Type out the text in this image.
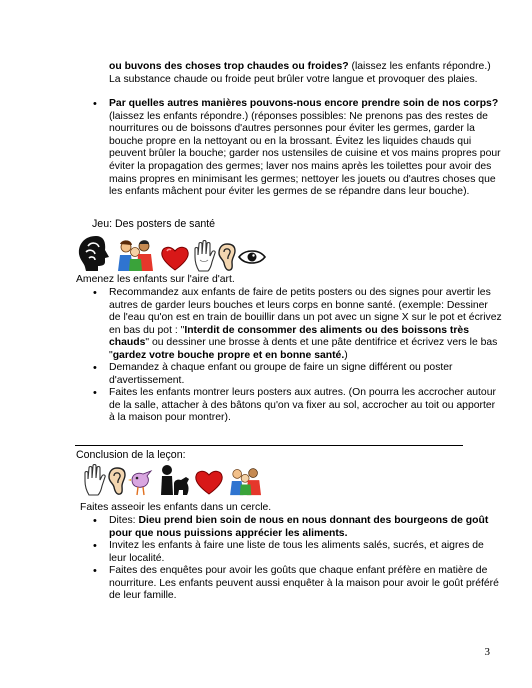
ou buvons des choses trop chaudes ou froides? (laissez les enfants répondre.) La substance chaude ou froide peut brûler votre langue et provoquer des plaies.
• Par quelles autres manières pouvons-nous encore prendre soin de nos corps? (laissez les enfants répondre.) (réponses possibles: Ne prenons pas des restes de nourritures ou de boissons d'autres personnes pour éviter les germes, garder la bouche propre en la nettoyant ou en la brossant. Évitez les liquides chauds qui peuvent brûler la bouche; garder nos ustensiles de cuisine et vos mains propres pour éviter la propagation des germes; laver nos mains après les toilettes pour avoir des mains propres en minimisant les germes; nettoyer les jouets ou d'autres choses que les enfants mâchent pour éviter les germes de se répandre dans leur bouche).
Jeu: Des posters de santé
Amenez les enfants sur l'aire d'art.
• Recommandez aux enfants de faire de petits posters ou des signes pour avertir les autres de garder leurs bouches et leurs corps en bonne santé. (exemple: Dessiner de l'eau qu'on est en train de bouillir dans un pot avec un signe X sur le pot et écrivez en bas du pot : "Interdit de consommer des aliments ou des boissons très chauds" ou dessiner une brosse à dents et une pâte dentifrice et écrivez vers le bas "gardez votre bouche propre et en bonne santé.)
• Demandez à chaque enfant ou groupe de faire un signe différent ou poster d'avertissement.
• Faites les enfants montrer leurs posters aux autres. (On pourra les accrocher autour de la salle, attacher à des bâtons qu'on va fixer au sol, accrocher au toit ou apporter à la maison pour montrer).
Conclusion de la leçon:
Faites asseoir les enfants dans un cercle.
• Dites: Dieu prend bien soin de nous en nous donnant des bourgeons de goût pour que nous puissions apprécier les aliments.
• Invitez les enfants à faire une liste de tous les aliments salés, sucrés, et aigres de leur localité.
• Faites des enquêtes pour avoir les goûts que chaque enfant préfère en matière de nourriture. Les enfants peuvent aussi enquêter à la maison pour avoir le goût préféré de leur famille.
3
